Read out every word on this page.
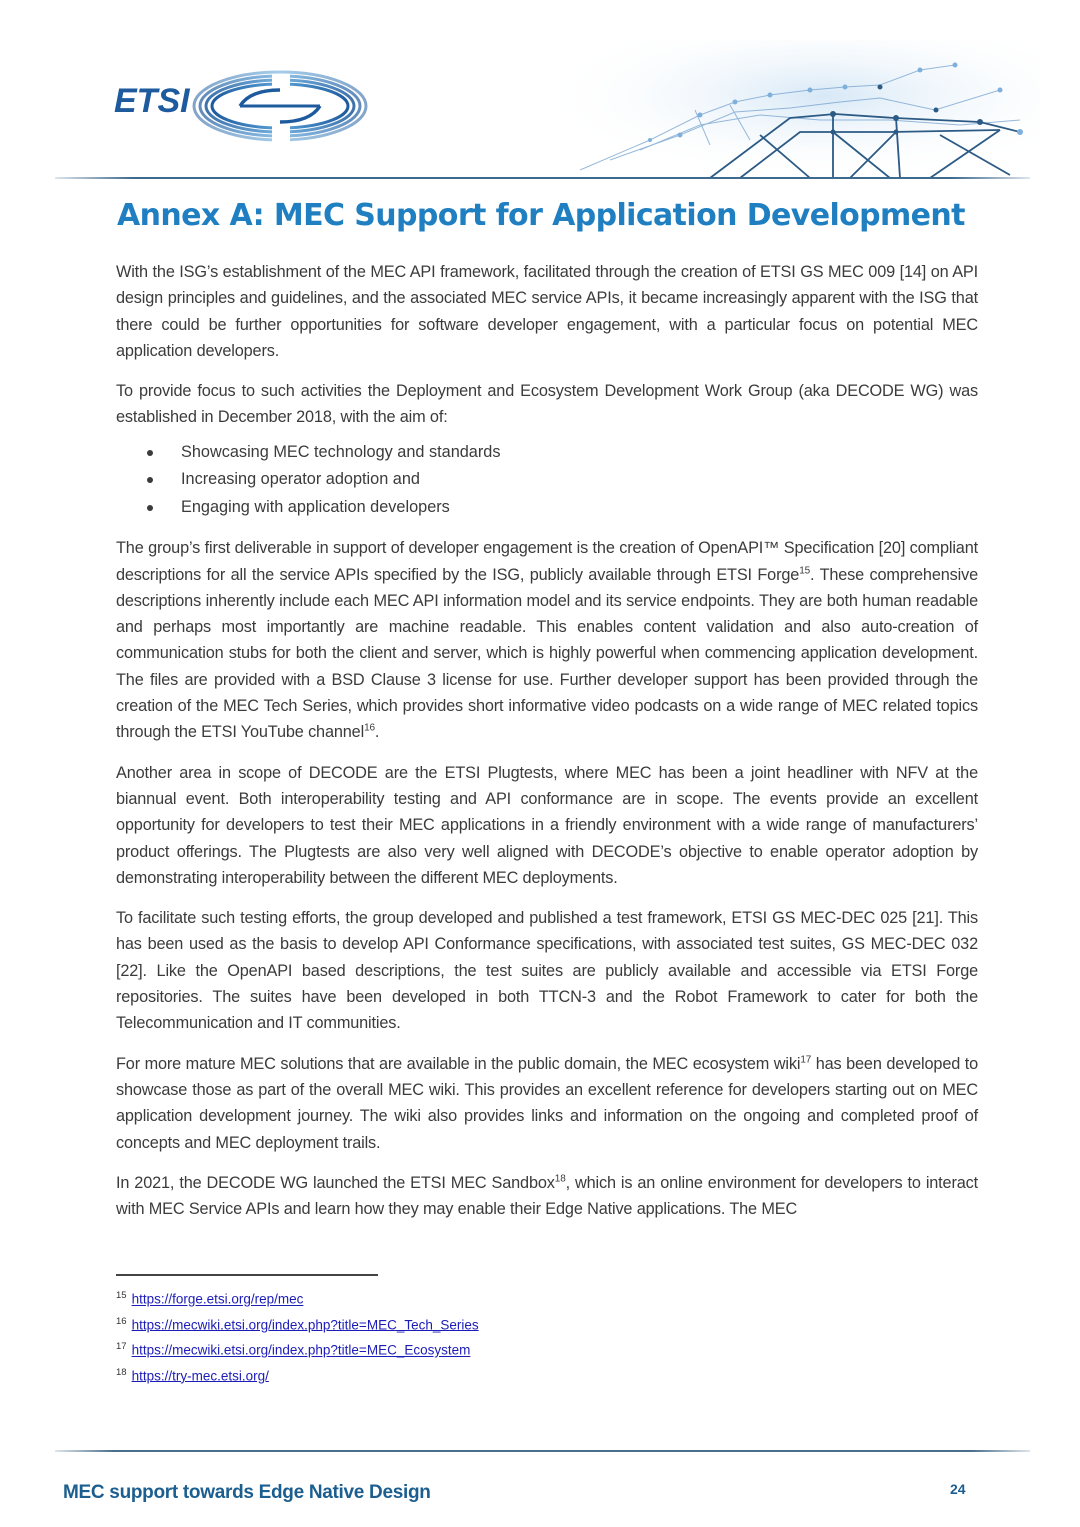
ETSI
Annex A: MEC Support for Application Development

With the ISG’s establishment of the MEC API framework, facilitated through the creation of ETSI GS MEC 009 [14] on API design principles and guidelines, and the associated MEC service APIs, it became increasingly apparent with the ISG that there could be further opportunities for software developer engagement, with a particular focus on potential MEC application developers.

To provide focus to such activities the Deployment and Ecosystem Development Work Group (aka DECODE WG) was established in December 2018, with the aim of:

Showcasing MEC technology and standards
Increasing operator adoption and
Engaging with application developers

The group’s first deliverable in support of developer engagement is the creation of OpenAPI™ Specification [20] compliant descriptions for all the service APIs specified by the ISG, publicly available through ETSI Forge$^{15}$. These comprehensive descriptions inherently include each MEC API information model and its service endpoints. They are both human readable and perhaps most importantly are machine readable. This enables content validation and also auto-creation of communication stubs for both the client and server, which is highly powerful when commencing application development. The files are provided with a BSD Clause 3 license for use. Further developer support has been provided through the creation of the MEC Tech Series, which provides short informative video podcasts on a wide range of MEC related topics through the ETSI YouTube channel$^{16}$.

Another area in scope of DECODE are the ETSI Plugtests, where MEC has been a joint headliner with NFV at the biannual event. Both interoperability testing and API conformance are in scope. The events provide an excellent opportunity for developers to test their MEC applications in a friendly environment with a wide range of manufacturers’ product offerings. The Plugtests are also very well aligned with DECODE’s objective to enable operator adoption by demonstrating interoperability between the different MEC deployments.

To facilitate such testing efforts, the group developed and published a test framework, ETSI GS MEC-DEC 025 [21]. This has been used as the basis to develop API Conformance specifications, with associated test suites, GS MEC-DEC 032 [22]. Like the OpenAPI based descriptions, the test suites are publicly available and accessible via ETSI Forge repositories. The suites have been developed in both TTCN-3 and the Robot Framework to cater for both the Telecommunication and IT communities.

For more mature MEC solutions that are available in the public domain, the MEC ecosystem wiki$^{17}$ has been developed to showcase those as part of the overall MEC wiki. This provides an excellent reference for developers starting out on MEC application development journey. The wiki also provides links and information on the ongoing and completed proof of concepts and MEC deployment trails.

In 2021, the DECODE WG launched the ETSI MEC Sandbox$^{18}$, which is an online environment for developers to interact with MEC Service APIs and learn how they may enable their Edge Native applications. The MEC

$^{15}$ https://forge.etsi.org/rep/mec
$^{16}$ https://mecwiki.etsi.org/index.php?title=MEC_Tech_Series
$^{17}$ https://mecwiki.etsi.org/index.php?title=MEC_Ecosystem
$^{18}$ https://try-mec.etsi.org/
MEC support towards Edge Native Design	24
